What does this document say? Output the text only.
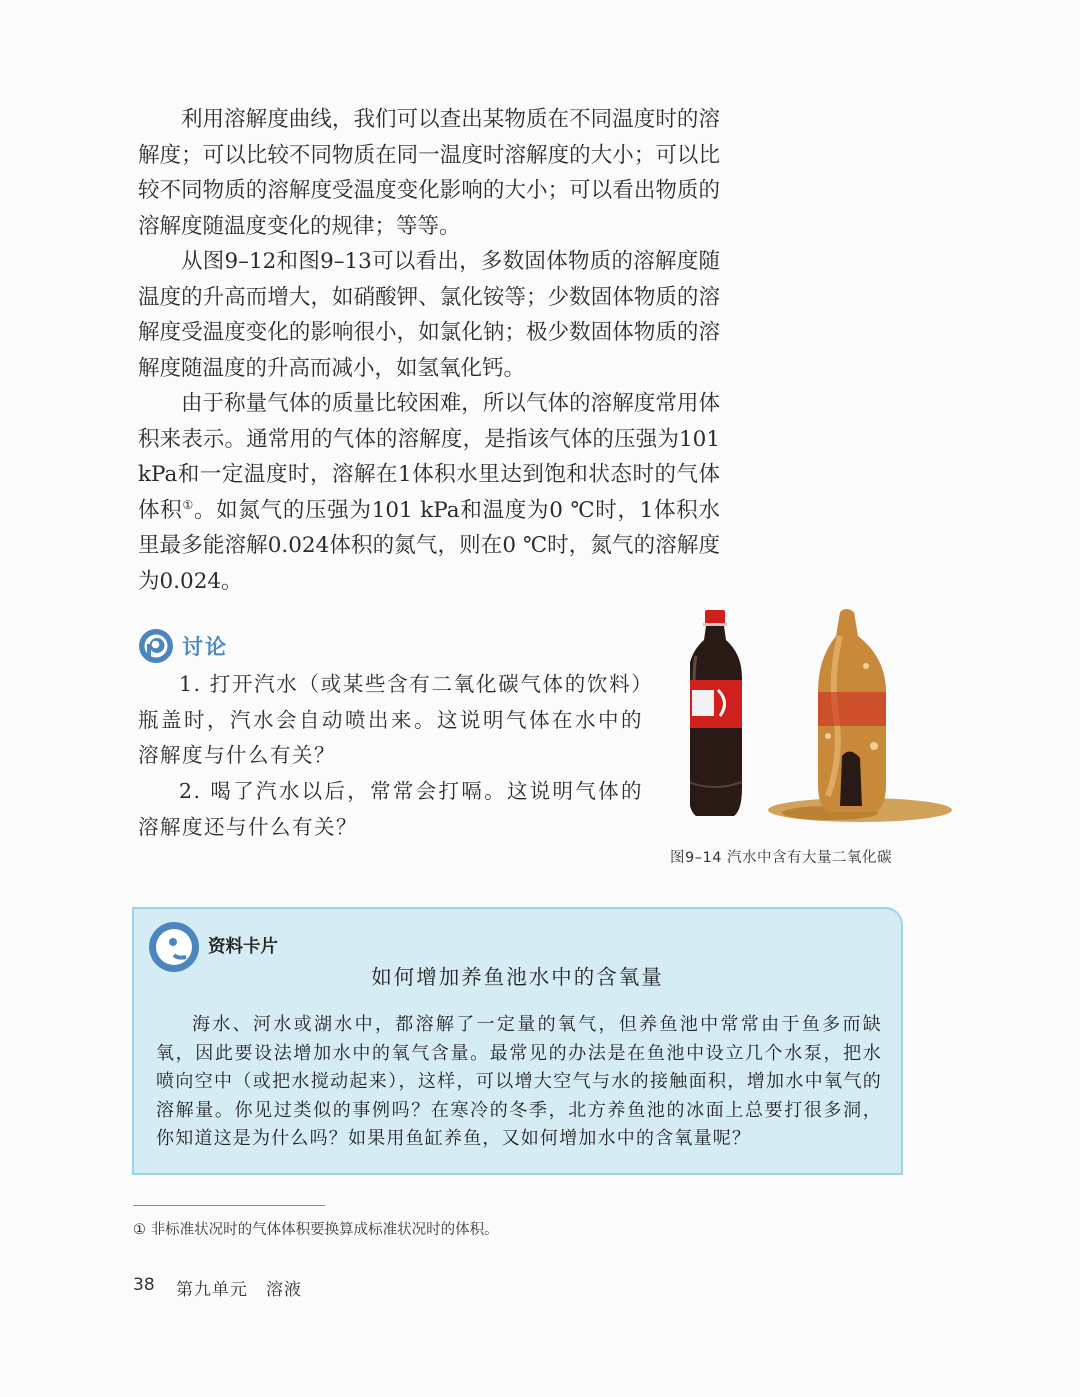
利用溶解度曲线，我们可以查出某物质在不同温度时的溶解度；可以比较不同物质在同一温度时溶解度的大小；可以比较不同物质的溶解度受温度变化影响的大小；可以看出物质的溶解度随温度变化的规律；等等。

从图9–12和图9–13可以看出，多数固体物质的溶解度随温度的升高而增大，如硝酸钾、氯化铵等；少数固体物质的溶解度受温度变化的影响很小，如氯化钠；极少数固体物质的溶解度随温度的升高而减小，如氢氧化钙。

由于称量气体的质量比较困难，所以气体的溶解度常用体积来表示。通常用的气体的溶解度，是指该气体的压强为101 kPa和一定温度时，溶解在1体积水里达到饱和状态时的气体体积①。如氮气的压强为101 kPa和温度为0 ℃时，1体积水里最多能溶解0.024体积的氮气，则在0 ℃时，氮气的溶解度为0.024。

讨论

1. 打开汽水（或某些含有二氧化碳气体的饮料）瓶盖时，汽水会自动喷出来。这说明气体在水中的溶解度与什么有关？

2. 喝了汽水以后，常常会打嗝。这说明气体的溶解度还与什么有关？

图9–14 汽水中含有大量二氧化碳
资料卡片
如何增加养鱼池水中的含氧量

海水、河水或湖水中，都溶解了一定量的氧气，但养鱼池中常常由于鱼多而缺氧，因此要设法增加水中的氧气含量。最常见的办法是在鱼池中设立几个水泵，把水喷向空中（或把水搅动起来），这样，可以增大空气与水的接触面积，增加水中氧气的溶解量。你见过类似的事例吗？在寒冷的冬季，北方养鱼池的冰面上总要打很多洞，你知道这是为什么吗？如果用鱼缸养鱼，又如何增加水中的含氧量呢？

① 非标准状况时的气体体积要换算成标准状况时的体积。
38 第九单元　溶液
